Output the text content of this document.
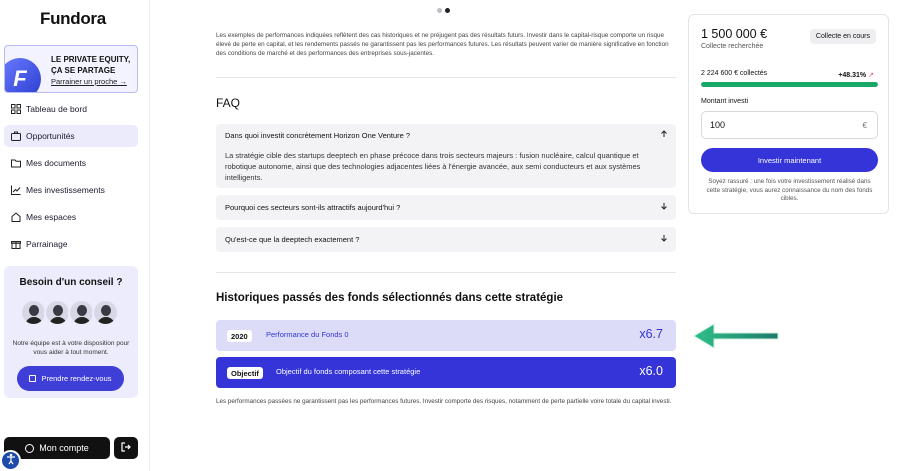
Fundora
F
LE PRIVATE EQUITY, ÇA SE PARTAGE
Parrainer un proche →
Tableau de bord
Opportunités
Mes documents
Mes investissements
Mes espaces
Parrainage
Besoin d'un conseil ?
Notre équipe est à votre disposition pour vous aider à tout moment.
Prendre rendez-vous
Mon compte

Les exemples de performances indiquées reflètent des cas historiques et ne préjugent pas des résultats futurs. Investir dans le capital-risque comporte un risque élevé de perte en capital, et les rendements passés ne garantissent pas les performances futures. Les résultats peuvent varier de manière significative en fonction des conditions de marché et des performances des entreprises sous-jacentes.

FAQ
Dans quoi investit concrètement Horizon One Venture ?
La stratégie cible des startups deeptech en phase précoce dans trois secteurs majeurs : fusion nucléaire, calcul quantique et robotique autonome, ainsi que des technologies adjacentes liées à l'énergie avancée, aux semi conducteurs et aux systèmes intelligents.
Pourquoi ces secteurs sont-ils attractifs aujourd'hui ?
Qu'est-ce que la deeptech exactement ?
Historiques passés des fonds sélectionnés dans cette stratégie
2020	Performance du Fonds 0	x6.7
Objectif	Objectif du fonds composant cette stratégie	x6.0

Les performances passées ne garantissent pas les performances futures. Investir comporte des risques, notamment de perte partielle voire totale du capital investi.

1 500 000 €
Collecte recherchée
Collecte en cours
2 224 600 € collectés	+48.31% ↗
Montant investi
100	€
Investir maintenant

Soyez rassuré : une fois votre investissement réalisé dans cette stratégie, vous aurez connaissance du nom des fonds cibles.
